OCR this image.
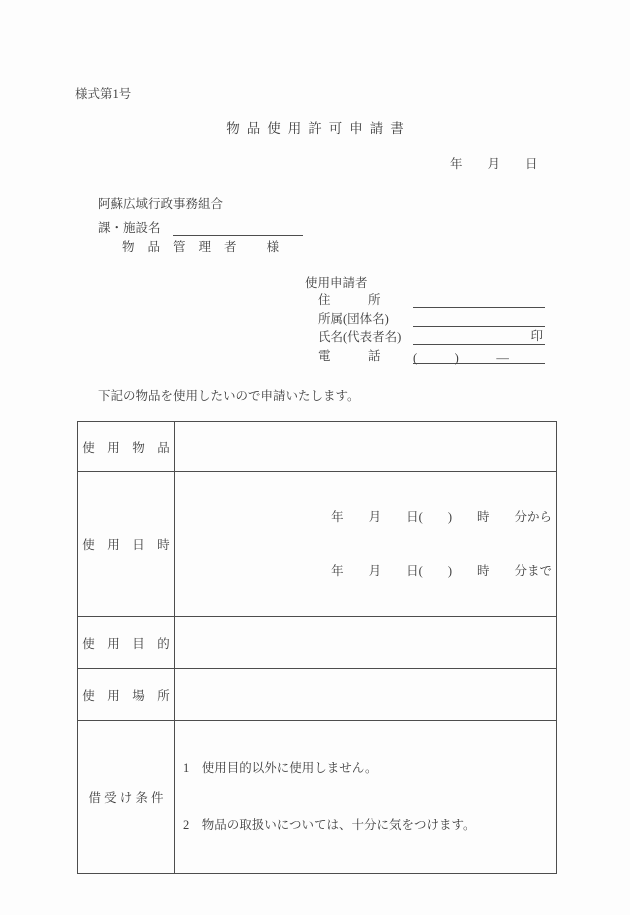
様式第1号
物品使用許可申請書
年　　月　　日
阿蘇広域行政事務組合
課・施設名
物品管理者 様
使用申請者
住　　　所
所属(団体名)
氏名(代表者名)	印
電　　　話	(　　　)　　　―
下記の物品を使用したいので申請いたします。
使　用　物　品	
使　用　日　時	年　　月　　日(　　)　　時　　分から

年　　月　　日(　　)　　時　　分まで

使　用　目　的	
使　用　場　所	
借 受 け 条 件	1　使用目的以外に使用しません。

2　物品の取扱いについては、十分に気をつけます。
